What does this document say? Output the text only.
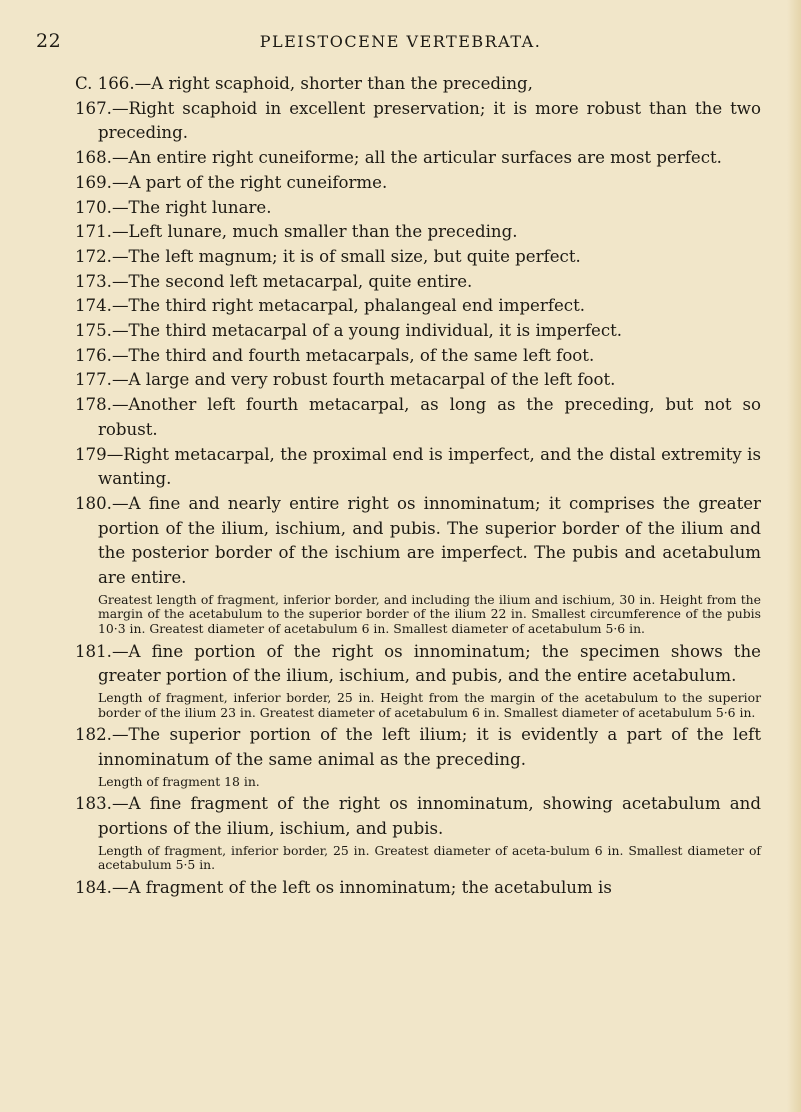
22	PLEISTOCENE VERTEBRATA.

C. 166.—A right scaphoid, shorter than the preceding,

167.—Right scaphoid in excellent preservation; it is more robust than the two preceding.

168.—An entire right cuneiforme; all the articular surfaces are most perfect.

169.—A part of the right cuneiforme.

170.—The right lunare.

171.—Left lunare, much smaller than the preceding.

172.—The left magnum; it is of small size, but quite perfect.

173.—The second left metacarpal, quite entire.

174.—The third right metacarpal, phalangeal end imperfect.

175.—The third metacarpal of a young individual, it is imperfect.

176.—The third and fourth metacarpals, of the same left foot.

177.—A large and very robust fourth metacarpal of the left foot.

178.—Another left fourth metacarpal, as long as the preceding, but not so robust.

179—Right metacarpal, the proximal end is imperfect, and the distal extremity is wanting.

180.—A fine and nearly entire right os innominatum; it comprises the greater portion of the ilium, ischium, and pubis. The superior border of the ilium and the posterior border of the ischium are imperfect. The pubis and acetabulum are entire.

Greatest length of fragment, inferior border, and including the ilium and ischium, 30 in. Height from the margin of the acetabulum to the superior border of the ilium 22 in. Smallest circumference of the pubis 10·3 in. Greatest diameter of acetabulum 6 in. Smallest diameter of acetabulum 5·6 in.

181.—A fine portion of the right os innominatum; the specimen shows the greater portion of the ilium, ischium, and pubis, and the entire acetabulum.

Length of fragment, inferior border, 25 in. Height from the margin of the acetabulum to the superior border of the ilium 23 in. Greatest diameter of acetabulum 6 in. Smallest diameter of acetabulum 5·6 in.

182.—The superior portion of the left ilium; it is evidently a part of the left innominatum of the same animal as the preceding.

Length of fragment 18 in.

183.—A fine fragment of the right os innominatum, showing acetabulum and portions of the ilium, ischium, and pubis.

Length of fragment, inferior border, 25 in. Greatest diameter of aceta-bulum 6 in. Smallest diameter of acetabulum 5·5 in.

184.—A fragment of the left os innominatum; the acetabulum is
